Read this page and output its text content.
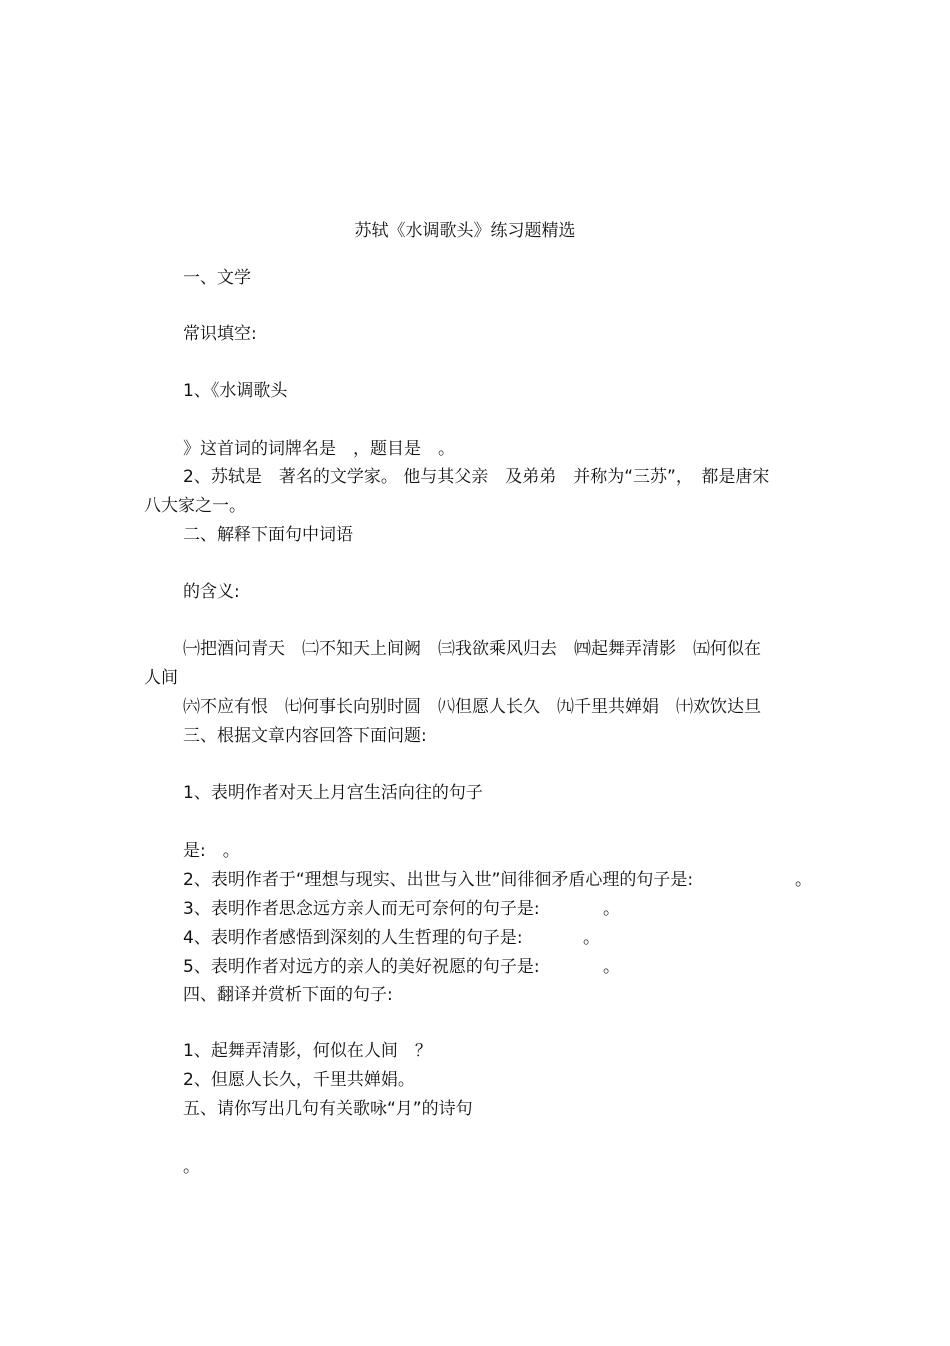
苏轼《水调歌头》练习题精选
一、文学
常识填空:
1、《水调歌头
》这首词的词牌名是　，题目是　。
2、苏轼是　著名的文学家。 他与其父亲　及弟弟　并称为“三苏”，　都是唐宋
八大家之一。
二、解释下面句中词语
的含义:
㈠把酒问青天　㈡不知天上间阙　㈢我欲乘风归去　㈣起舞弄清影　㈤何似在
人间
㈥不应有恨　㈦何事长向别时圆　㈧但愿人长久　㈨千里共婵娟　㈩欢饮达旦
三、根据文章内容回答下面问题:
1、表明作者对天上月宫生活向往的句子
是:　。
2、表明作者于“理想与现实、出世与入世”间徘徊矛盾心理的句子是:	。
3、表明作者思念远方亲人而无可奈何的句子是:	。
4、表明作者感悟到深刻的人生哲理的句子是:	。
5、表明作者对远方的亲人的美好祝愿的句子是:	。
四、翻译并赏析下面的句子:
1、起舞弄清影，何似在人间　？
2、但愿人长久，千里共婵娟。
五、请你写出几句有关歌咏“月”的诗句
。
